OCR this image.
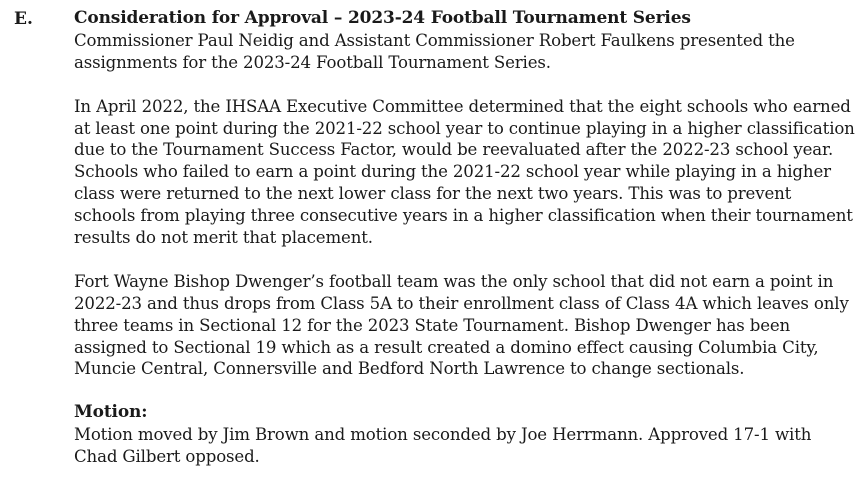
E. Consideration for Approval – 2023-24 Football Tournament Series

Commissioner Paul Neidig and Assistant Commissioner Robert Faulkens presented the assignments for the 2023-24 Football Tournament Series.

In April 2022, the IHSAA Executive Committee determined that the eight schools who earned at least one point during the 2021-22 school year to continue playing in a higher classification due to the Tournament Success Factor, would be reevaluated after the 2022-23 school year. Schools who failed to earn a point during the 2021-22 school year while playing in a higher class were returned to the next lower class for the next two years. This was to prevent schools from playing three consecutive years in a higher classification when their tournament results do not merit that placement.

Fort Wayne Bishop Dwenger’s football team was the only school that did not earn a point in 2022-23 and thus drops from Class 5A to their enrollment class of Class 4A which leaves only three teams in Sectional 12 for the 2023 State Tournament. Bishop Dwenger has been assigned to Sectional 19 which as a result created a domino effect causing Columbia City, Muncie Central, Connersville and Bedford North Lawrence to change sectionals.

Motion:

Motion moved by Jim Brown and motion seconded by Joe Herrmann. Approved 17-1 with Chad Gilbert opposed.
